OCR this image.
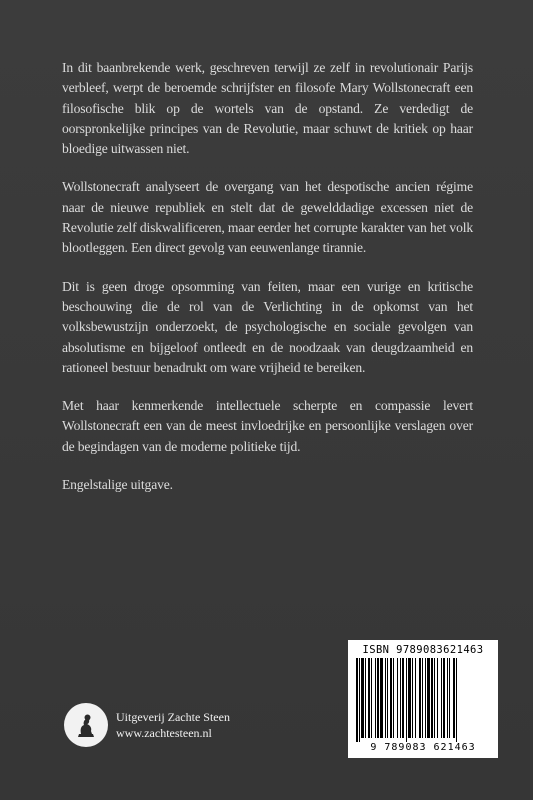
In dit baanbrekende werk, geschreven terwijl ze zelf in revolutionair Parijs verbleef, werpt de beroemde schrijfster en filosofe Mary Wollstonecraft een filosofische blik op de wortels van de opstand. Ze verdedigt de oorspronkelijke principes van de Revolutie, maar schuwt de kritiek op haar bloedige uitwassen niet.

Wollstonecraft analyseert de overgang van het despotische ancien régime naar de nieuwe republiek en stelt dat de gewelddadige excessen niet de Revolutie zelf diskwalificeren, maar eerder het corrupte karakter van het volk blootleggen. Een direct gevolg van eeuwenlange tirannie.

Dit is geen droge opsomming van feiten, maar een vurige en kritische beschouwing die de rol van de Verlichting in de opkomst van het volksbewustzijn onderzoekt, de psychologische en sociale gevolgen van absolutisme en bijgeloof ontleedt en de noodzaak van deugdzaamheid en rationeel bestuur benadrukt om ware vrijheid te bereiken.

Met haar kenmerkende intellectuele scherpte en compassie levert Wollstonecraft een van de meest invloedrijke en persoonlijke verslagen over de begindagen van de moderne politieke tijd.

Engelstalige uitgave.

Uitgeverij Zachte Steen
www.zachtesteen.nl
ISBN 9789083621463
9 789083 621463
